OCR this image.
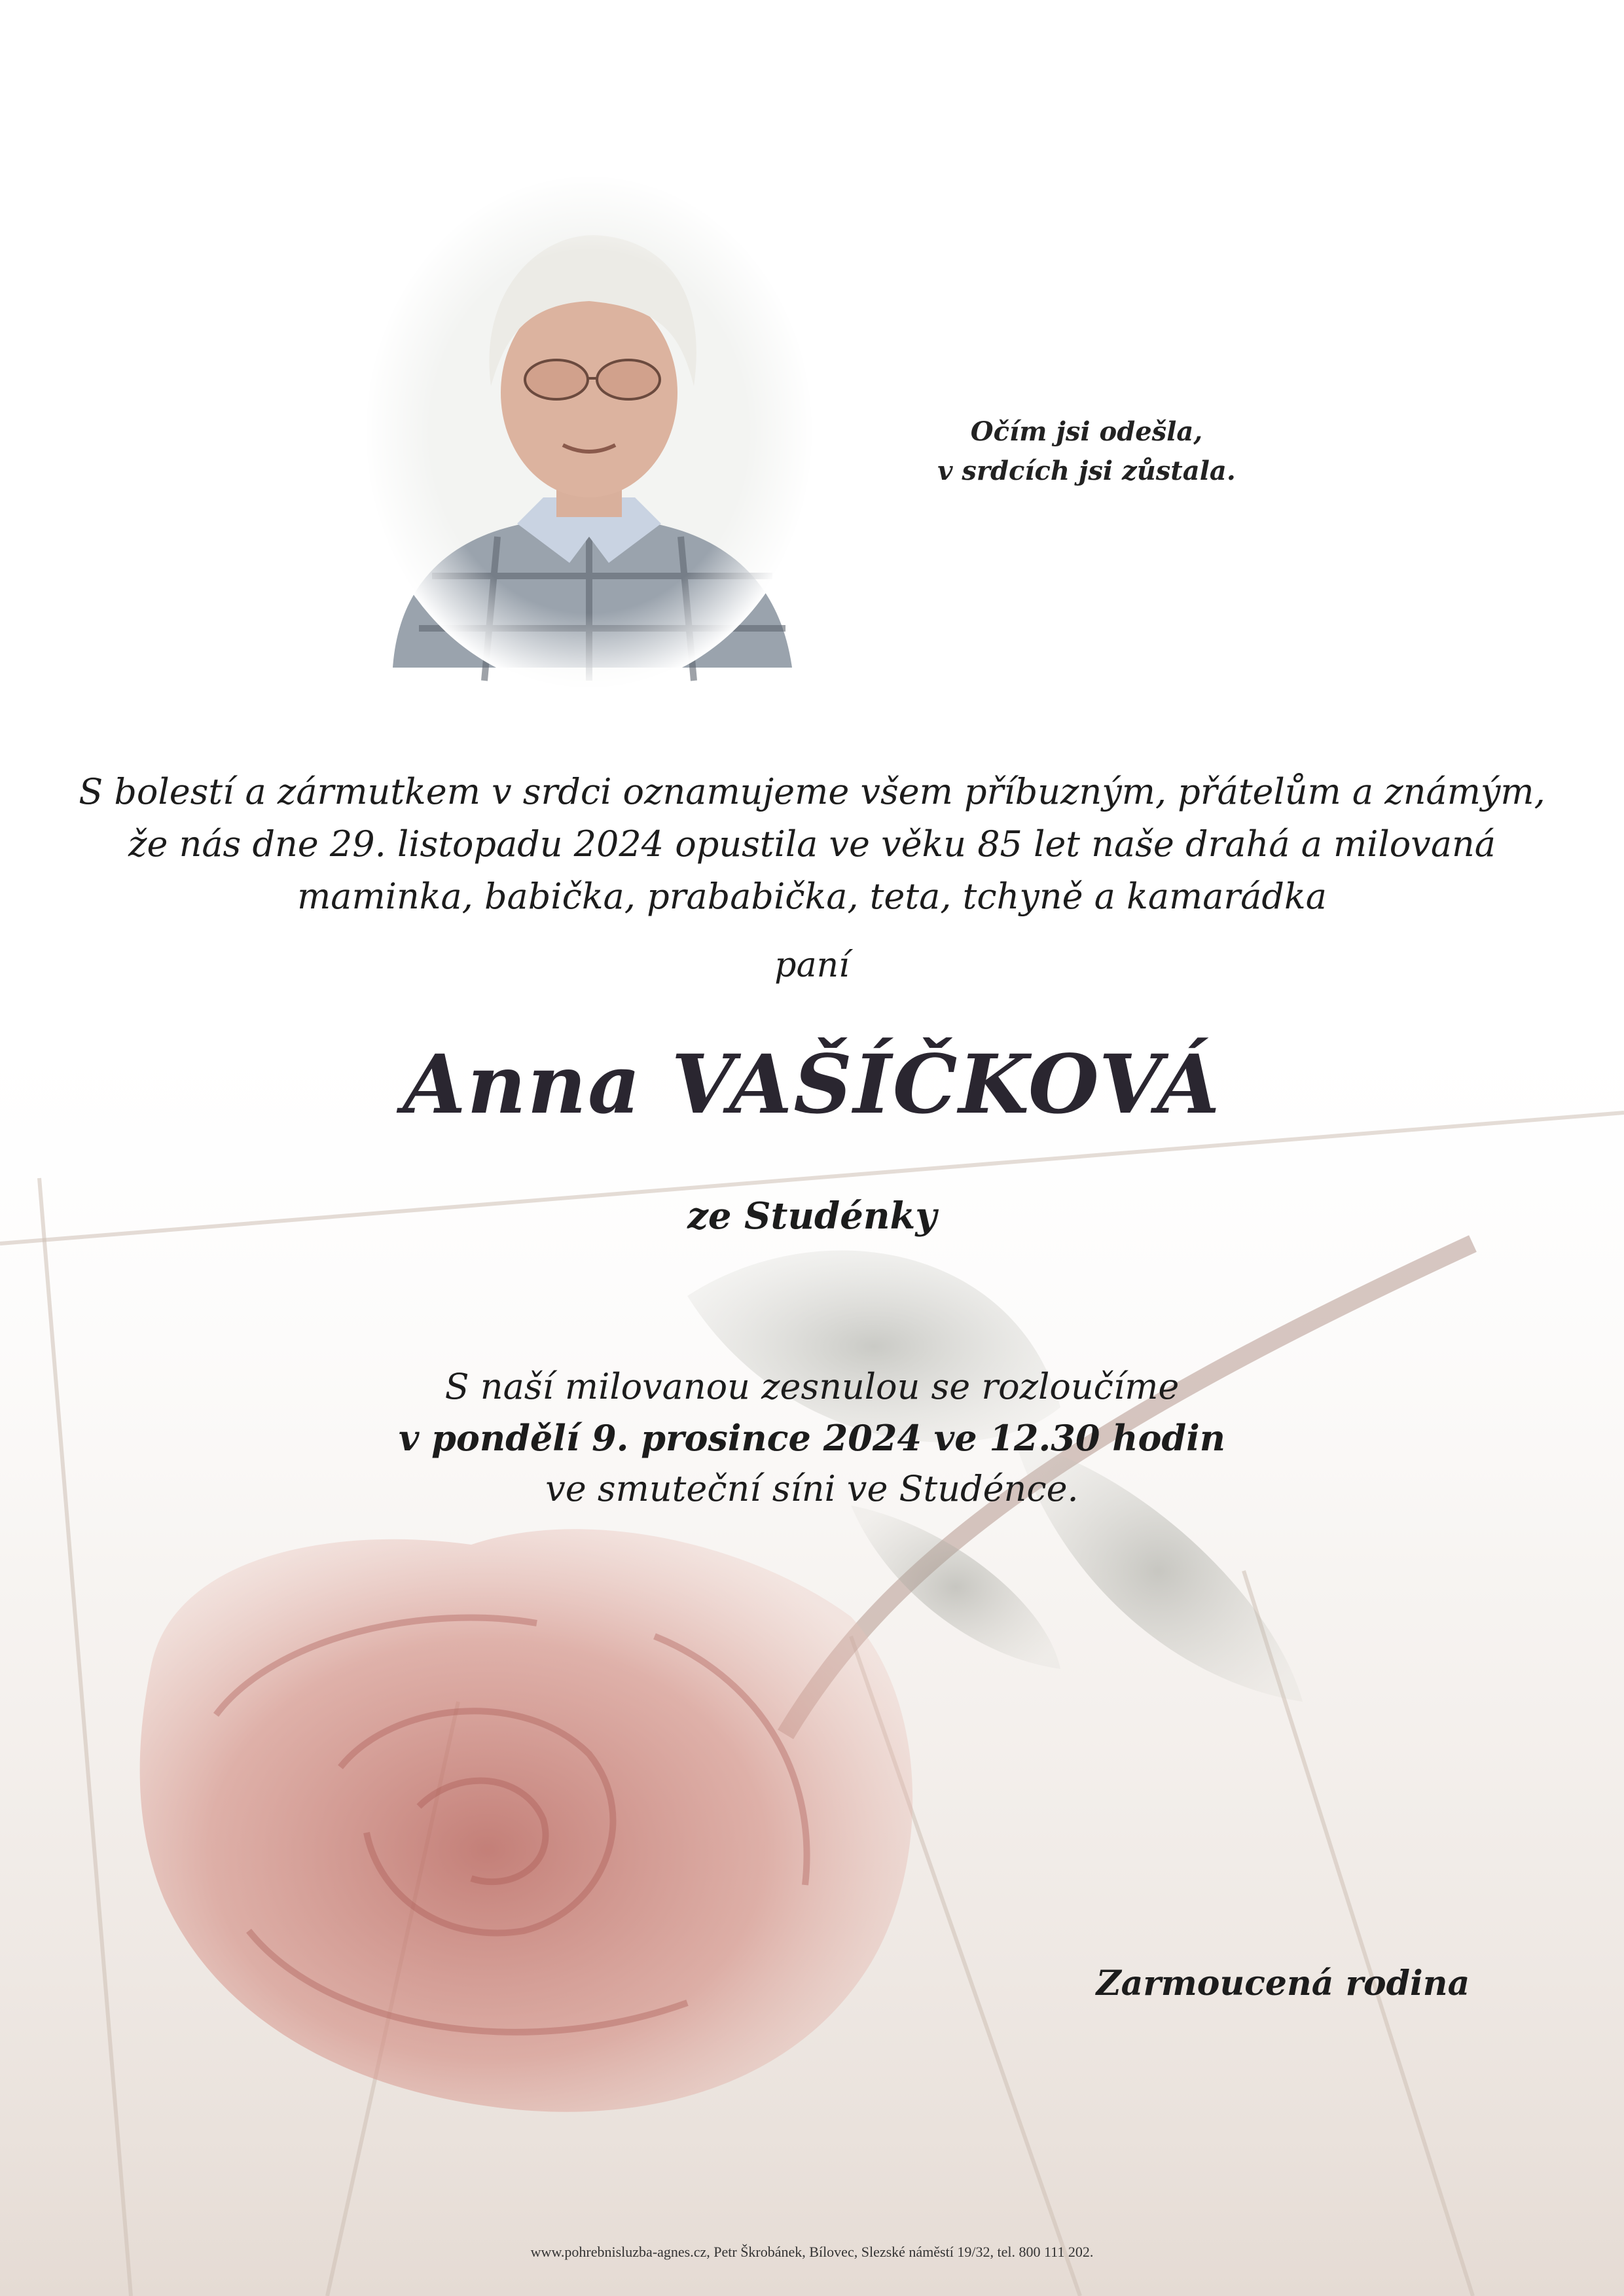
Očím jsi odešla,
v srdcích jsi zůstala.
S bolestí a zármutkem v srdci oznamujeme všem příbuzným, přátelům a známým,
že nás dne 29. listopadu 2024 opustila ve věku 85 let naše drahá a milovaná
maminka, babička, prababička, teta, tchyně a kamarádka
paní
Anna VAŠÍČKOVÁ
ze Studénky
S naší milovanou zesnulou se rozloučíme
v pondělí 9. prosince 2024 ve 12.30 hodin
ve smuteční síni ve Studénce.
Zarmoucená rodina
www.pohrebnisluzba-agnes.cz, Petr Škrobánek, Bílovec, Slezské náměstí 19/32, tel. 800 111 202.
